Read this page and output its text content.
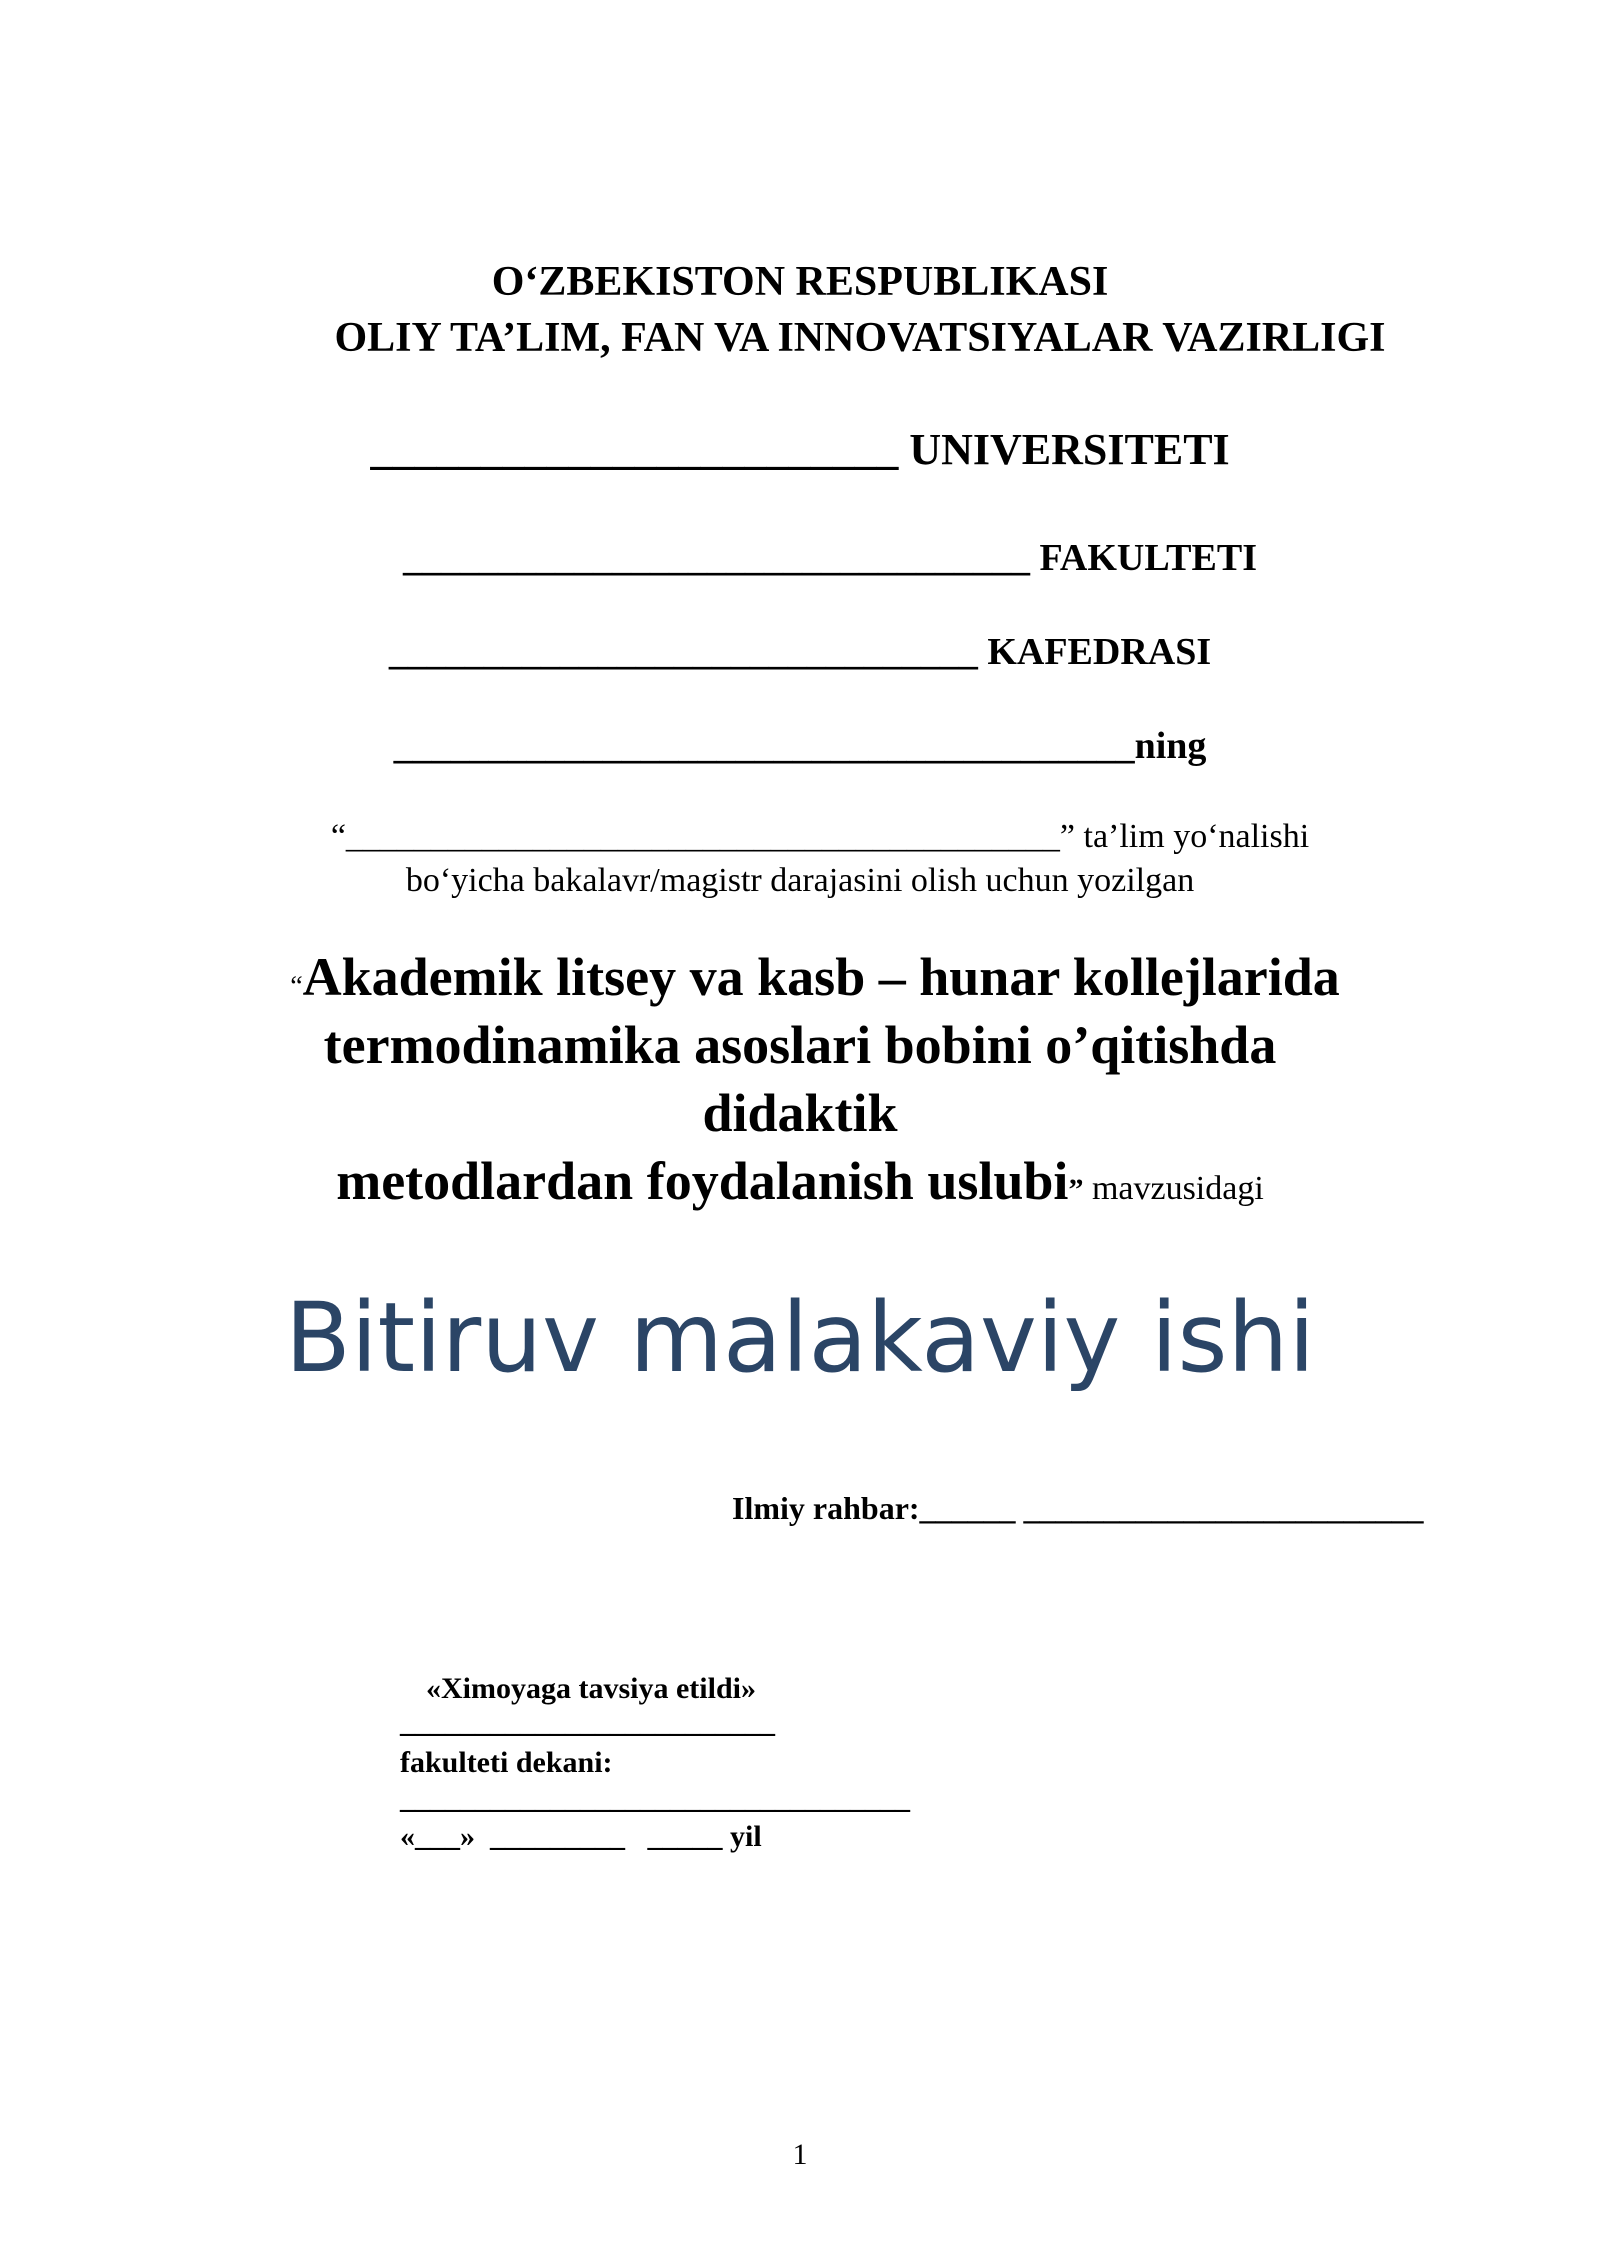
O‘ZBEKISTON RESPUBLIKASI
OLIY TA’LIM, FAN VA INNOVATSIYALAR VAZIRLIGI
________________________ UNIVERSITETI
_________________________________ FAKULTETI
_______________________________ KAFEDRASI
_______________________________________ning
“__________________________________________” ta’lim yo‘nalishi
bo‘yicha bakalavr/magistr darajasini olish uchun yozilgan
“Akademik litsey va kasb – hunar kollejlarida
termodinamika asoslari bobini o’qitishda
didaktik
metodlardan foydalanish uslubi” mavzusidagi
Bitiruv malakaviy ishi
Ilmiy rahbar:______ _________________________
«Ximoyaga tavsiya etildi»
_________________________
fakulteti dekani:
__________________________________
«___»  _________   _____ yil
1
